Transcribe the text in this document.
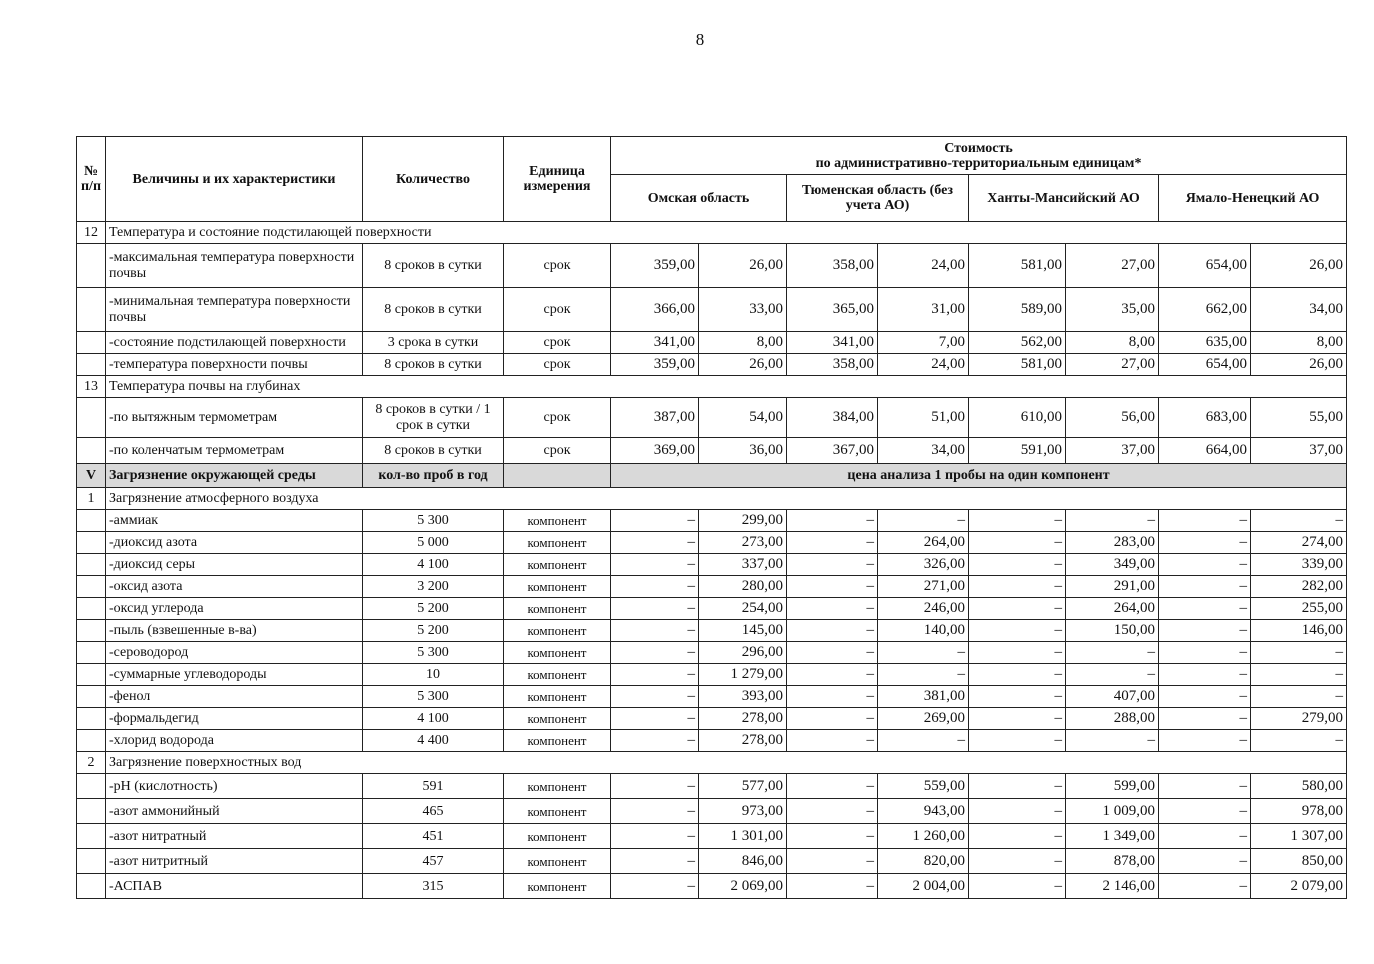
8
№ п/п	Величины и их характеристики	Количество	Единица измерения	Стоимость
по административно-территориальным единицам*							

				Омская область		Тюменская область (без учета АО)		Ханты-Мансийский АО		Ямало-Ненецкий АО	
12	Температура и состояние подстилающей поверхности										
	-максимальная температура поверхности почвы	8 сроков в сутки	срок	359,00	26,00	358,00	24,00	581,00	27,00	654,00	26,00
	-минимальная температура поверхности почвы	8 сроков в сутки	срок	366,00	33,00	365,00	31,00	589,00	35,00	662,00	34,00
	-состояние подстилающей поверхности	3 срока в сутки	срок	341,00	8,00	341,00	7,00	562,00	8,00	635,00	8,00
	-температура поверхности почвы	8 сроков в сутки	срок	359,00	26,00	358,00	24,00	581,00	27,00	654,00	26,00
13	Температура почвы на глубинах										
	-по вытяжным термометрам	8 сроков в сутки / 1 срок в сутки	срок	387,00	54,00	384,00	51,00	610,00	56,00	683,00	55,00
	-по коленчатым термометрам	8 сроков в сутки	срок	369,00	36,00	367,00	34,00	591,00	37,00	664,00	37,00
V	Загрязнение окружающей среды	кол-во проб в год		цена анализа 1 пробы на один компонент							
1	Загрязнение атмосферного воздуха										
	-аммиак	5 300	компонент	–	299,00	–	–	–	–	–	–
	-диоксид азота	5 000	компонент	–	273,00	–	264,00	–	283,00	–	274,00
	-диоксид серы	4 100	компонент	–	337,00	–	326,00	–	349,00	–	339,00
	-оксид азота	3 200	компонент	–	280,00	–	271,00	–	291,00	–	282,00
	-оксид углерода	5 200	компонент	–	254,00	–	246,00	–	264,00	–	255,00
	-пыль (взвешенные в-ва)	5 200	компонент	–	145,00	–	140,00	–	150,00	–	146,00
	-сероводород	5 300	компонент	–	296,00	–	–	–	–	–	–
	-суммарные углеводороды	10	компонент	–	1 279,00	–	–	–	–	–	–
	-фенол	5 300	компонент	–	393,00	–	381,00	–	407,00	–	–
	-формальдегид	4 100	компонент	–	278,00	–	269,00	–	288,00	–	279,00
	-хлорид водорода	4 400	компонент	–	278,00	–	–	–	–	–	–
2	Загрязнение поверхностных вод										
	-pH (кислотность)	591	компонент	–	577,00	–	559,00	–	599,00	–	580,00
	-азот аммонийный	465	компонент	–	973,00	–	943,00	–	1 009,00	–	978,00
	-азот нитратный	451	компонент	–	1 301,00	–	1 260,00	–	1 349,00	–	1 307,00
	-азот нитритный	457	компонент	–	846,00	–	820,00	–	878,00	–	850,00
	-АСПАВ	315	компонент	–	2 069,00	–	2 004,00	–	2 146,00	–	2 079,00
